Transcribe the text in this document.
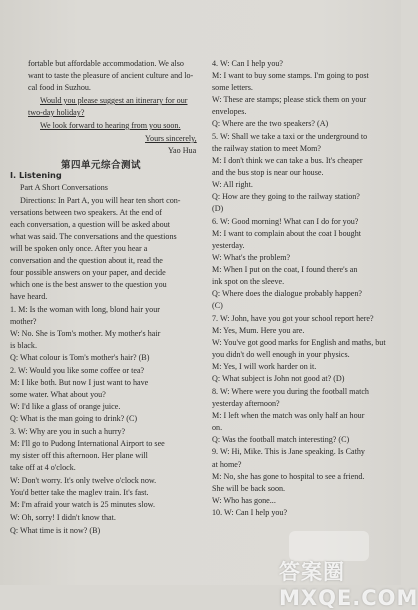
fortable but affordable accommodation. We also
want to taste the pleasure of ancient culture and lo-
cal food in Suzhou.
Would you please suggest an itinerary for our
two-day holiday?
We look forward to hearing from you soon.
Yours sincerely,
Yao Hua
第四单元综合测试
Ⅰ. Listening
Part A Short Conversations
Directions: In Part A, you will hear ten short con-
versations between two speakers. At the end of
each conversation, a question will be asked about
what was said. The conversations and the questions
will be spoken only once. After you hear a
conversation and the question about it, read the
four possible answers on your paper, and decide
which one is the best answer to the question you
have heard.
1. M: Is the woman with long, blond hair your
mother?
W: No. She is Tom's mother. My mother's hair
is black.
Q: What colour is Tom's mother's hair? (B)
2. W: Would you like some coffee or tea?
M: I like both. But now I just want to have
some water. What about you?
W: I'd like a glass of orange juice.
Q: What is the man going to drink? (C)
3. W: Why are you in such a hurry?
M: I'll go to Pudong International Airport to see
my sister off this afternoon. Her plane will
take off at 4 o'clock.
W: Don't worry. It's only twelve o'clock now.
You'd better take the maglev train. It's fast.
M: I'm afraid your watch is 25 minutes slow.
W: Oh, sorry! I didn't know that.
Q: What time is it now? (B)
4. W: Can I help you?
M: I want to buy some stamps. I'm going to post
some letters.
W: These are stamps; please stick them on your
envelopes.
Q: Where are the two speakers? (A)
5. W: Shall we take a taxi or the underground to
the railway station to meet Mom?
M: I don't think we can take a bus. It's cheaper
and the bus stop is near our house.
W: All right.
Q: How are they going to the railway station?
(D)
6. W: Good morning! What can I do for you?
M: I want to complain about the coat I bought
yesterday.
W: What's the problem?
M: When I put on the coat, I found there's an
ink spot on the sleeve.
Q: Where does the dialogue probably happen?
(C)
7. W: John, have you got your school report here?
M: Yes, Mum. Here you are.
W: You've got good marks for English and maths, but
you didn't do well enough in your physics.
M: Yes, I will work harder on it.
Q: What subject is John not good at? (D)
8. W: Where were you during the football match
yesterday afternoon?
M: I left when the match was only half an hour
on.
Q: Was the football match interesting? (C)
9. W: Hi, Mike. This is Jane speaking. Is Cathy
at home?
M: No, she has gone to hospital to see a friend.
She will be back soon.
W: Who has gone...
10. W: Can I help you?
答案圈 MXQE.COM
